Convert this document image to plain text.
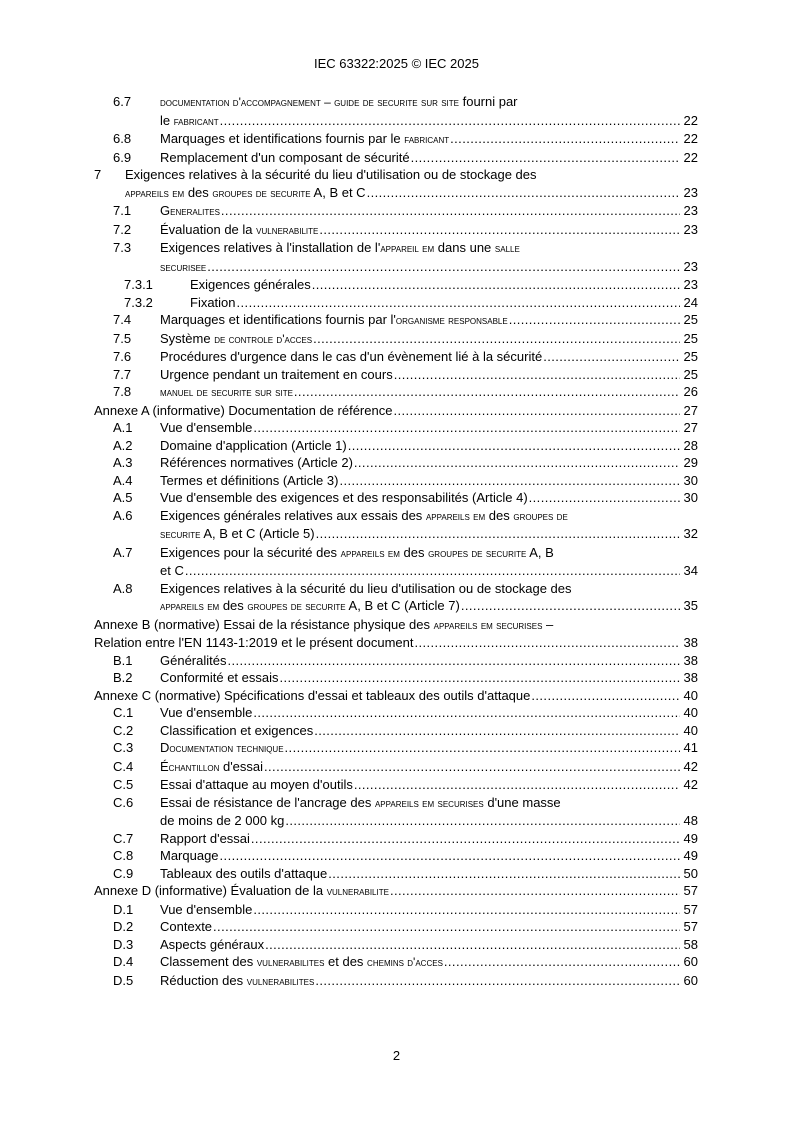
IEC 63322:2025 © IEC 2025
6.7	documentation d'accompagnement – guide de securite sur site fourni par
le fabricant .....	22
6.8	Marquages et identifications fournis par le fabricant .....	22
6.9	Remplacement d'un composant de sécurité .....	22
7	Exigences relatives à la sécurité du lieu d'utilisation ou de stockage des
appareils em des groupes de securite A, B et C .....	23
7.1	Generalites .....	23
7.2	Évaluation de la vulnerabilite .....	23
7.3	Exigences relatives à l'installation de l'appareil em dans une salle
securisee .....	23
7.3.1	Exigences générales .....	23
7.3.2	Fixation .....	24
7.4	Marquages et identifications fournis par l'organisme responsable .....	25
7.5	Système de controle d'acces .....	25
7.6	Procédures d'urgence dans le cas d'un évènement lié à la sécurité .....	25
7.7	Urgence pendant un traitement en cours .....	25
7.8	manuel de securite sur site .....	26
Annexe A (informative) Documentation de référence .....	27
A.1	Vue d'ensemble .....	27
A.2	Domaine d'application (Article 1) .....	28
A.3	Références normatives (Article 2) .....	29
A.4	Termes et définitions (Article 3) .....	30
A.5	Vue d'ensemble des exigences et des responsabilités (Article 4) .....	30
A.6	Exigences générales relatives aux essais des appareils em des groupes de
securite A, B et C (Article 5) .....	32
A.7	Exigences pour la sécurité des appareils em des groupes de securite A, B
et C .....	34
A.8	Exigences relatives à la sécurité du lieu d'utilisation ou de stockage des
appareils em des groupes de securite A, B et C (Article 7) .....	35
Annexe B (normative) Essai de la résistance physique des appareils em securises –
Relation entre l'EN 1143-1:2019 et le présent document .....	38
B.1	Généralités .....	38
B.2	Conformité et essais .....	38
Annexe C (normative) Spécifications d'essai et tableaux des outils d'attaque .....	40
C.1	Vue d'ensemble .....	40
C.2	Classification et exigences .....	40
C.3	Documentation technique .....	41
C.4	Échantillon d'essai .....	42
C.5	Essai d'attaque au moyen d'outils .....	42
C.6	Essai de résistance de l'ancrage des appareils em securises d'une masse
de moins de 2 000 kg .....	48
C.7	Rapport d'essai .....	49
C.8	Marquage .....	49
C.9	Tableaux des outils d'attaque .....	50
Annexe D (informative) Évaluation de la vulnerabilite .....	57
D.1	Vue d'ensemble .....	57
D.2	Contexte .....	57
D.3	Aspects généraux .....	58
D.4	Classement des vulnerabilites et des chemins d'acces .....	60
D.5	Réduction des vulnerabilites .....	60
2
